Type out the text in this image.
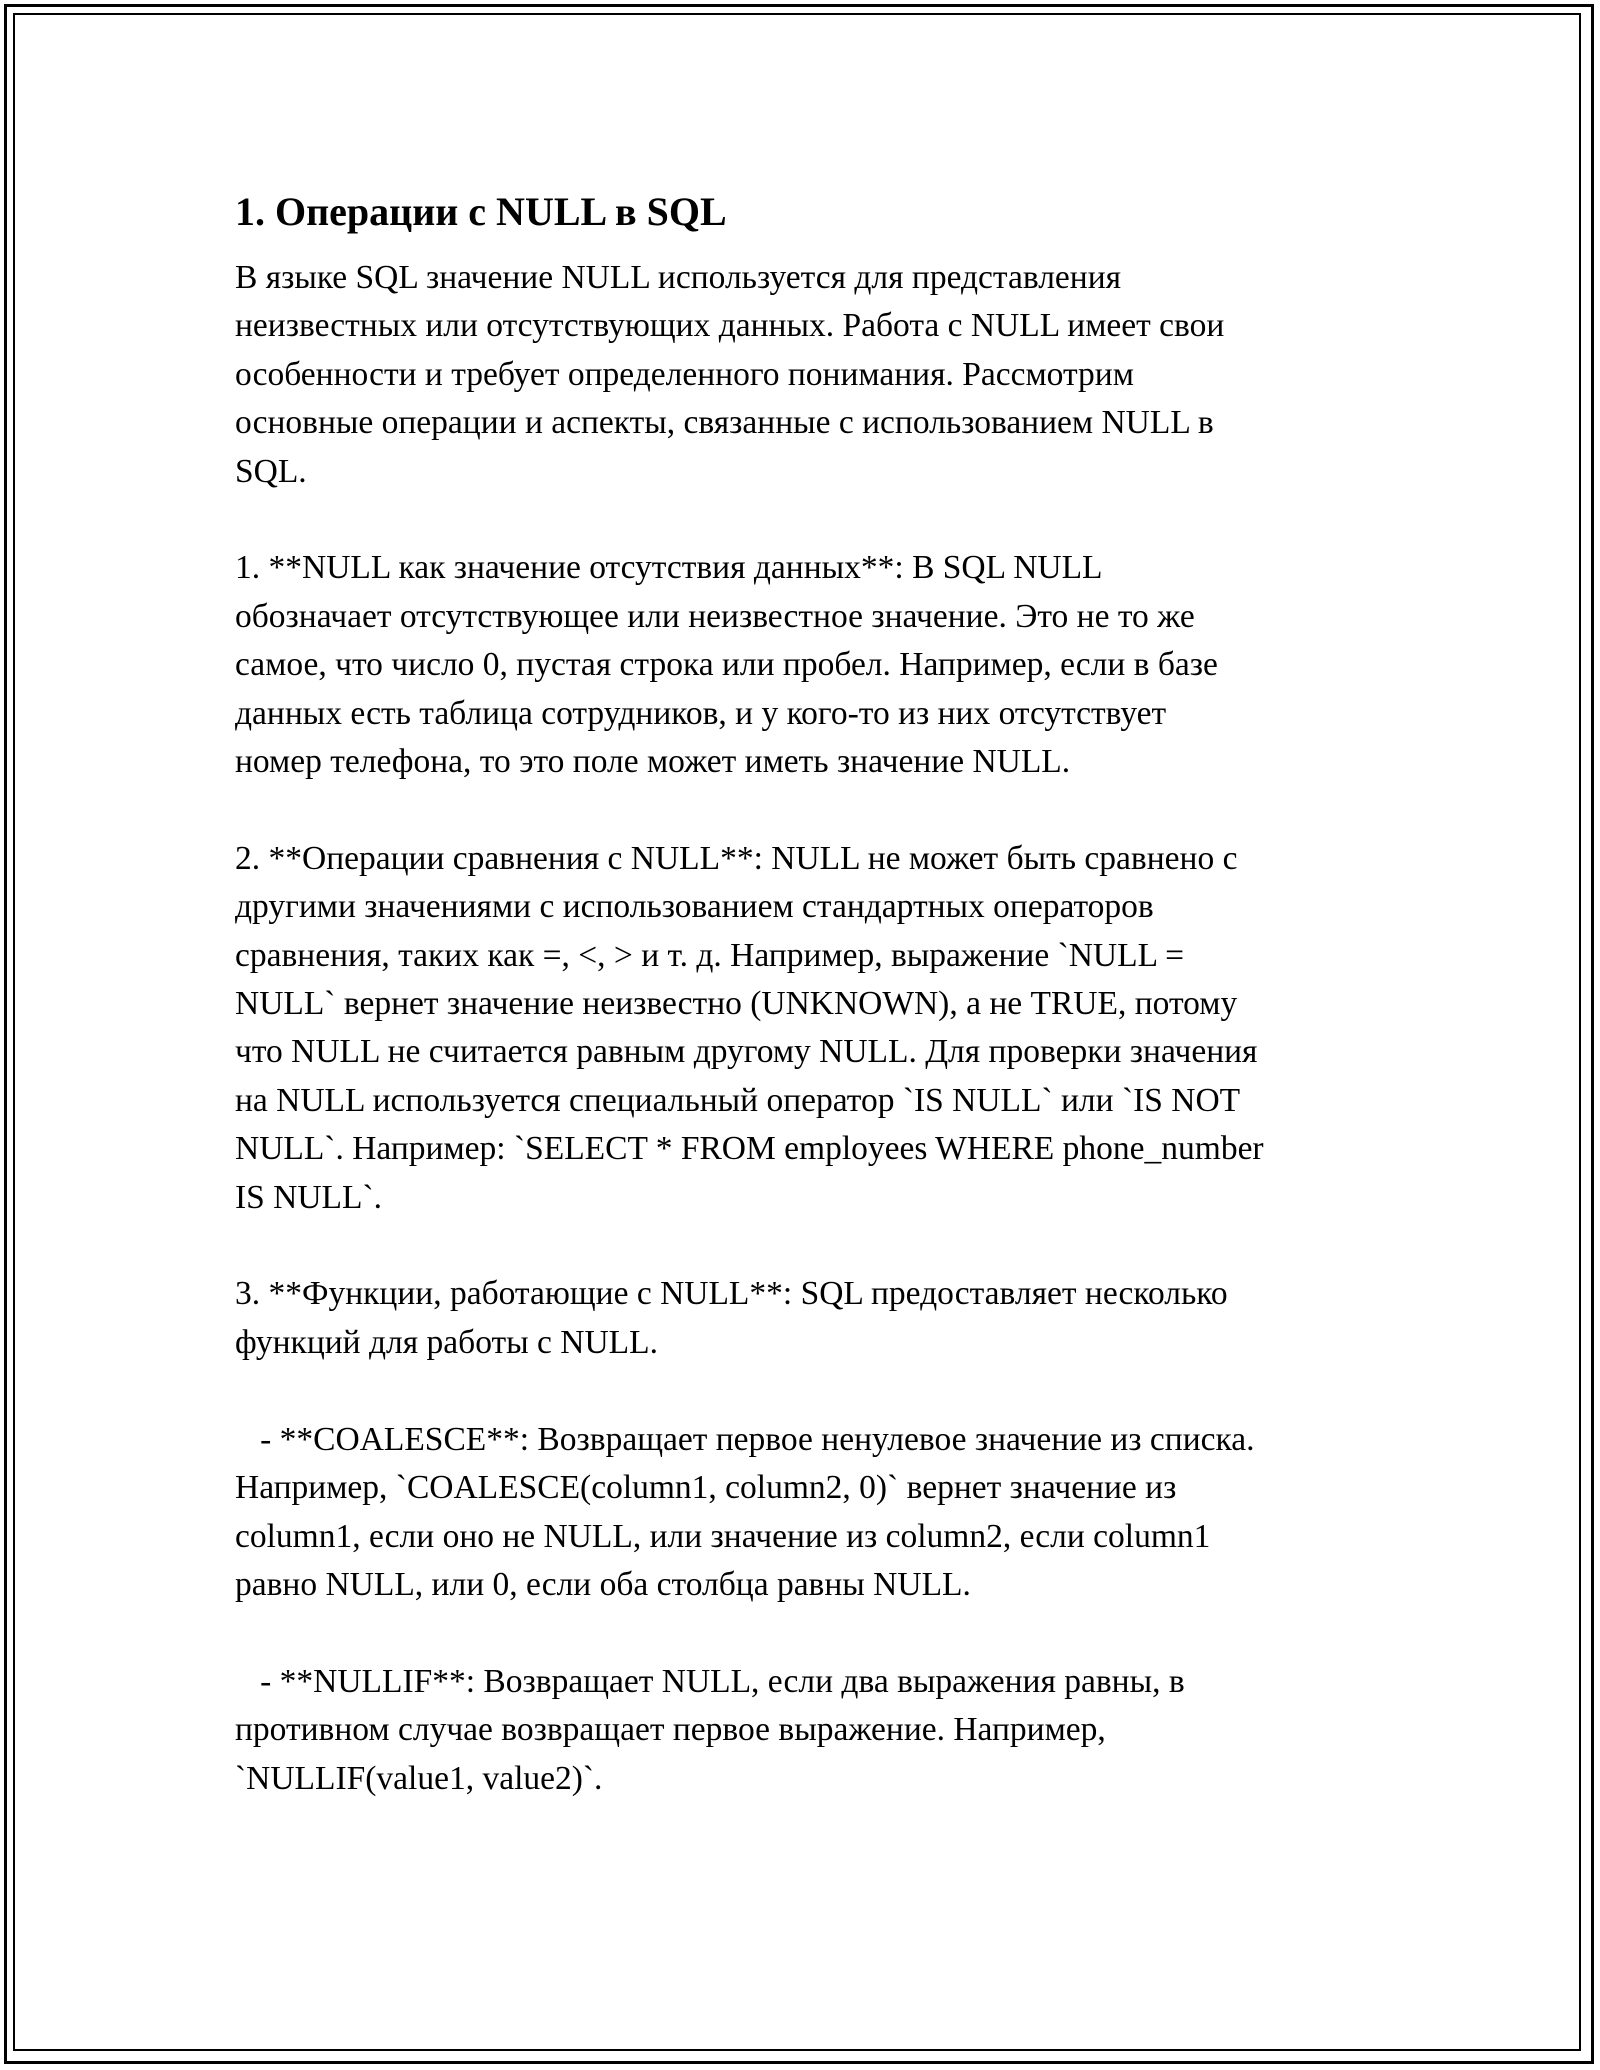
1. Операции с NULL в SQL

В языке SQL значение NULL используется для представления
неизвестных или отсутствующих данных. Работа с NULL имеет свои
особенности и требует определенного понимания. Рассмотрим
основные операции и аспекты, связанные с использованием NULL в
SQL.

1. **NULL как значение отсутствия данных**: В SQL NULL
обозначает отсутствующее или неизвестное значение. Это не то же
самое, что число 0, пустая строка или пробел. Например, если в базе
данных есть таблица сотрудников, и у кого-то из них отсутствует
номер телефона, то это поле может иметь значение NULL.

2. **Операции сравнения с NULL**: NULL не может быть сравнено с
другими значениями с использованием стандартных операторов
сравнения, таких как =, <, > и т. д. Например, выражение `NULL =
NULL` вернет значение неизвестно (UNKNOWN), а не TRUE, потому
что NULL не считается равным другому NULL. Для проверки значения
на NULL используется специальный оператор `IS NULL` или `IS NOT
NULL`. Например: `SELECT * FROM employees WHERE phone_number
IS NULL`.

3. **Функции, работающие с NULL**: SQL предоставляет несколько
функций для работы с NULL.

- **COALESCE**: Возвращает первое ненулевое значение из списка.
Например, `COALESCE(column1, column2, 0)` вернет значение из
column1, если оно не NULL, или значение из column2, если column1
равно NULL, или 0, если оба столбца равны NULL.

- **NULLIF**: Возвращает NULL, если два выражения равны, в
противном случае возвращает первое выражение. Например,
`NULLIF(value1, value2)`.
